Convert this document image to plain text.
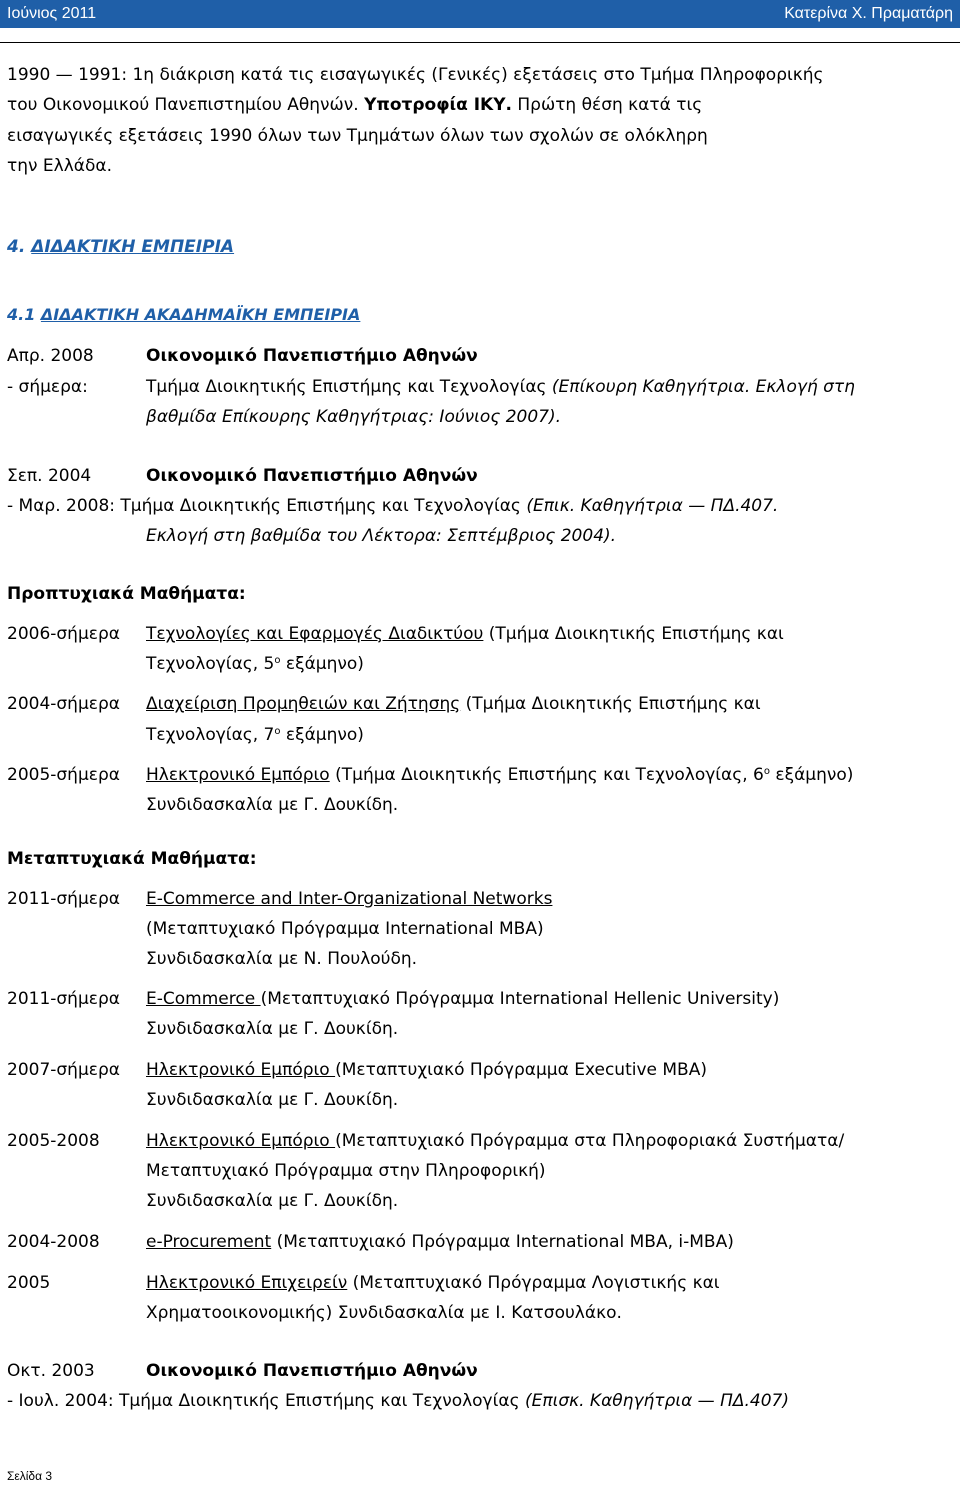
Ιούνιος 2011	Κατερίνα Χ. Πραματάρη
1990 — 1991: 1η διάκριση κατά τις εισαγωγικές (Γενικές) εξετάσεις στο Τμήμα Πληροφορικής
του Οικονομικού Πανεπιστημίου Αθηνών. Υποτροφία ΙΚΥ. Πρώτη θέση κατά τις
εισαγωγικές εξετάσεις 1990 όλων των Τμημάτων όλων των σχολών σε ολόκληρη
την Ελλάδα.
4. ΔΙΔΑΚΤΙΚΗ ΕΜΠΕΙΡΙΑ
4.1 ΔΙΔΑΚΤΙΚΗ ΑΚΑΔΗΜΑΪΚΗ ΕΜΠΕΙΡΙΑ
Απρ. 2008	Οικονομικό Πανεπιστήμιο Αθηνών
- σήμερα:	Τμήμα Διοικητικής Επιστήμης και Τεχνολογίας (Επίκουρη Καθηγήτρια. Εκλογή στη
βαθμίδα Επίκουρης Καθηγήτριας: Ιούνιος 2007).
Σεπ. 2004	Οικονομικό Πανεπιστήμιο Αθηνών
- Μαρ. 2008: Τμήμα Διοικητικής Επιστήμης και Τεχνολογίας (Επικ. Καθηγήτρια — ΠΔ.407.
Εκλογή στη βαθμίδα του Λέκτορα: Σεπτέμβριος 2004).
Προπτυχιακά Μαθήματα:
2006-σήμερα Τεχνολογίες και Εφαρμογές Διαδικτύου (Τμήμα Διοικητικής Επιστήμης και
Τεχνολογίας, $5^o$ εξάμηνο)
2004-σήμερα Διαχείριση Προμηθειών και Ζήτησης (Τμήμα Διοικητικής Επιστήμης και
Τεχνολογίας, $7^o$ εξάμηνο)
2005-σήμερα Ηλεκτρονικό Εμπόριο (Τμήμα Διοικητικής Επιστήμης και Τεχνολογίας, $6^o$ εξάμηνο)
Συνδιδασκαλία με Γ. Δουκίδη.
Μεταπτυχιακά Μαθήματα:
2011-σήμερα E-Commerce and Inter-Organizational Networks
(Μεταπτυχιακό Πρόγραμμα International MBA)
Συνδιδασκαλία με Ν. Πουλούδη.
2011-σήμερα E-Commerce (Μεταπτυχιακό Πρόγραμμα International Hellenic University)
Συνδιδασκαλία με Γ. Δουκίδη.
2007-σήμερα Ηλεκτρονικό Εμπόριο (Μεταπτυχιακό Πρόγραμμα Executive MBA)
Συνδιδασκαλία με Γ. Δουκίδη.
2005-2008	Ηλεκτρονικό Εμπόριο (Μεταπτυχιακό Πρόγραμμα στα Πληροφοριακά Συστήματα/
Μεταπτυχιακό Πρόγραμμα στην Πληροφορική)
Συνδιδασκαλία με Γ. Δουκίδη.
2004-2008	e-Procurement (Μεταπτυχιακό Πρόγραμμα International MBA, i-MBA)
2005	Ηλεκτρονικό Επιχειρείν (Μεταπτυχιακό Πρόγραμμα Λογιστικής και
Χρηματοοικονομικής) Συνδιδασκαλία με Ι. Κατσουλάκο.
Οκτ. 2003	Οικονομικό Πανεπιστήμιο Αθηνών
- Ιουλ. 2004: Τμήμα Διοικητικής Επιστήμης και Τεχνολογίας (Επισκ. Καθηγήτρια — ΠΔ.407)
Σελίδα 3
